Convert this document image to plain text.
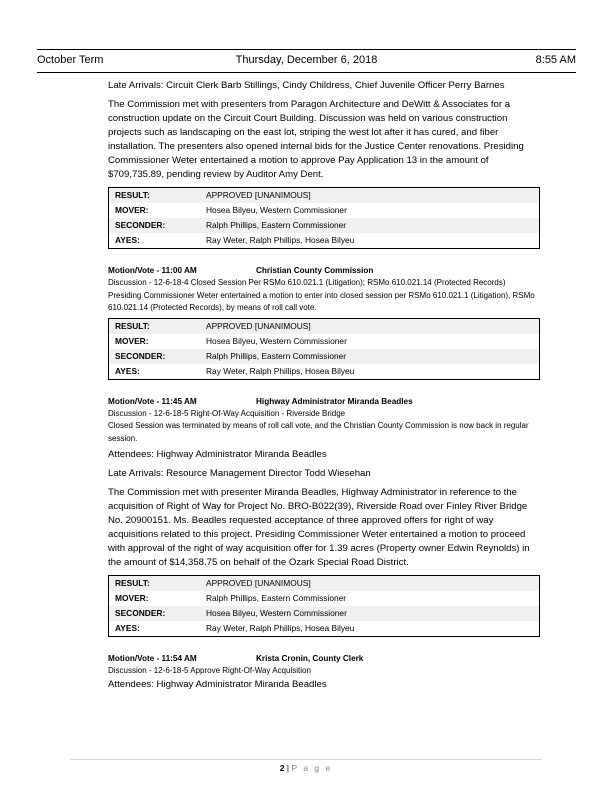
October Term	Thursday, December 6, 2018	8:55 AM

Late Arrivals: Circuit Clerk Barb Stillings, Cindy Childress, Chief Juvenile Officer Perry Barnes

The Commission met with presenters from Paragon Architecture and DeWitt & Associates for a construction update on the Circuit Court Building. Discussion was held on various construction projects such as landscaping on the east lot, striping the west lot after it has cured, and fiber installation. The presenters also opened internal bids for the Justice Center renovations. Presiding Commissioner Weter entertained a motion to approve Pay Application 13 in the amount of $709,735.89, pending review by Auditor Amy Dent.

RESULT:	APPROVED [UNANIMOUS]
MOVER:	Hosea Bilyeu, Western Commissioner
SECONDER:	Ralph Phillips, Eastern Commissioner
AYES:	Ray Weter, Ralph Phillips, Hosea Bilyeu

Motion/Vote - 11:00 AM	Christian County Commission

Discussion - 12-6-18-4 Closed Session Per RSMo 610.021.1 (Litigation); RSMo 610.021.14 (Protected Records)

Presiding Commissioner Weter entertained a motion to enter into closed session per RSMo 610.021.1 (Litigation), RSMo 610.021.14 (Protected Records), by means of roll call vote.

RESULT:	APPROVED [UNANIMOUS]
MOVER:	Hosea Bilyeu, Western Commissioner
SECONDER:	Ralph Phillips, Eastern Commissioner
AYES:	Ray Weter, Ralph Phillips, Hosea Bilyeu

Motion/Vote - 11:45 AM	Highway Administrator Miranda Beadles

Discussion - 12-6-18-5 Right-Of-Way Acquisition - Riverside Bridge

Closed Session was terminated by means of roll call vote, and the Christian County Commission is now back in regular session.

Attendees: Highway Administrator Miranda Beadles

Late Arrivals: Resource Management Director Todd Wiesehan

The Commission met with presenter Miranda Beadles, Highway Administrator in reference to the acquisition of Right of Way for Project No. BRO-B022(39), Riverside Road over Finley River Bridge No. 20900151. Ms. Beadles requested acceptance of three approved offers for right of way acquisitions related to this project. Presiding Commissioner Weter entertained a motion to proceed with approval of the right of way acquisition offer for 1.39 acres (Property owner Edwin Reynolds) in the amount of $14,358.75 on behalf of the Ozark Special Road District.

RESULT:	APPROVED [UNANIMOUS]
MOVER:	Ralph Phillips, Eastern Commissioner
SECONDER:	Hosea Bilyeu, Western Commissioner
AYES:	Ray Weter, Ralph Phillips, Hosea Bilyeu

Motion/Vote - 11:54 AM	Krista Cronin, County Clerk

Discussion - 12-6-18-5 Approve Right-Of-Way Acquisition

Attendees: Highway Administrator Miranda Beadles

2 | P a g e
